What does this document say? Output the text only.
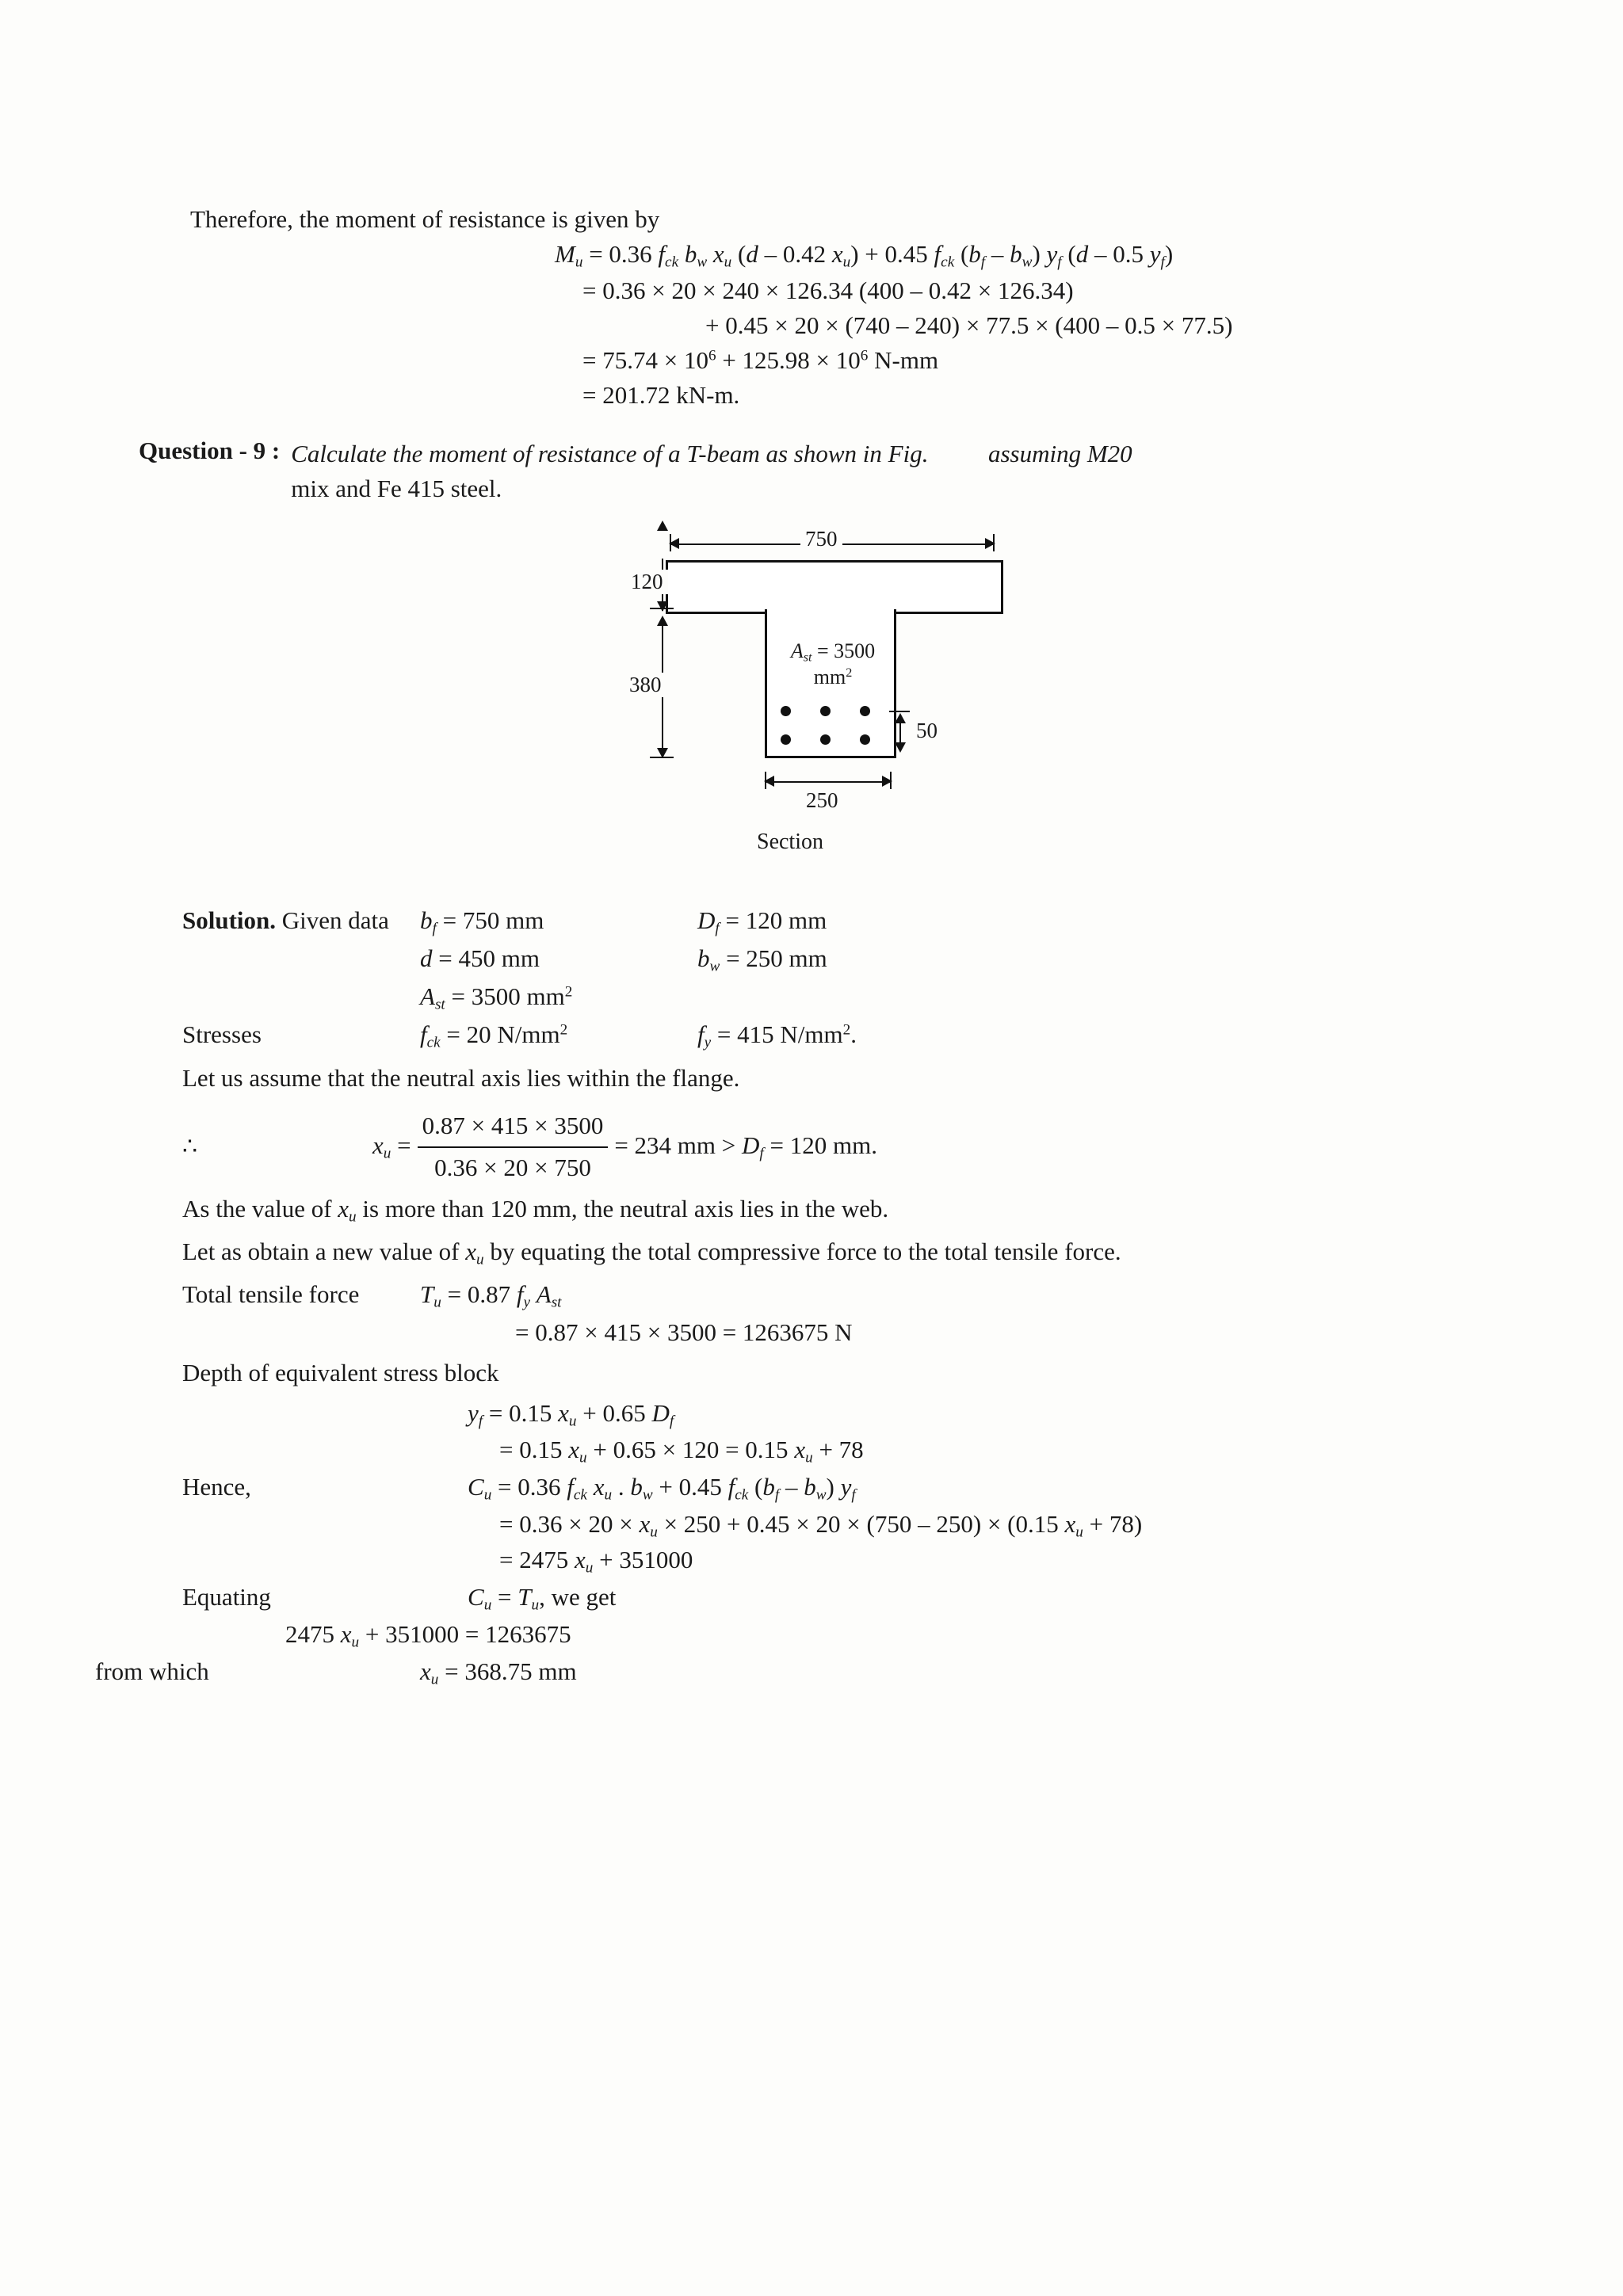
Therefore, the moment of resistance is given by
$M_u = 0.36$ $f_{ck}$ $b_w$ $x_u$ (d – 0.42 $x_u) + 0.45$ $f_{ck}$ $(b_f - b_w)$ $y_f$ (d – 0.5 $y_f$)
= 0.36 × 20 × 240 × 126.34 (400 – 0.42 × 126.34)
+ 0.45 × 20 × (740 – 240) × 77.5 × (400 – 0.5 × 77.5)
= $75.74 \times 10^6 + 125.98 \times 10^6$ N-mm
= 201.72 kN-m.
Question - 9 : Calculate the moment of resistance of a T-beam as shown in Fig. assuming M20
mix and Fe 415 steel.
750
120
380
$A_{st} = 3500$
$mm^2$
50
250
Section
Solution. Given data	$b_f = 750$ mm	$D_f = 120$ mm
d = 450 mm	$b_w = 250$ mm
$A_{st} = 3500$ $mm^2$
Stresses	$f_{ck} = 20$ $N/mm^2$	$f_y = 415$ $N/mm^2$.
Let us assume that the neutral axis lies within the flange.
∴	$x_u = \frac{0.87 \times 415 \times 3500}{0.36 \times 20 \times 750} = 234$ mm > $D_f = 120$ mm.
As the value of $x_u$ is more than 120 mm, the neutral axis lies in the web.
Let as obtain a new value of $x_u$ by equating the total compressive force to the total tensile force.
Total tensile force	$T_u = 0.87$ $f_y$ $A_{st}$
= 0.87 × 415 × 3500 = 1263675 N
Depth of equivalent stress block
$y_f = 0.15$ $x_u + 0.65$ $D_f$
= 0.15 $x_u + 0.65 \times 120 = 0.15$ $x_u + 78$
Hence,	$C_u = 0.36$ $f_{ck}$ $x_u$ . $b_w + 0.45$ $f_{ck}$ $(b_f - b_w)$ $y_f$
= $0.36 \times 20 \times x_u \times 250 + 0.45 \times 20 \times (750 - 250) \times (0.15$ $x_u + 78$)
= 2475 $x_u + 351000$
Equating	$C_u = T_u$, we get
2475 $x_u + 351000 = 1263675$
from which	$x_u = 368.75$ mm
